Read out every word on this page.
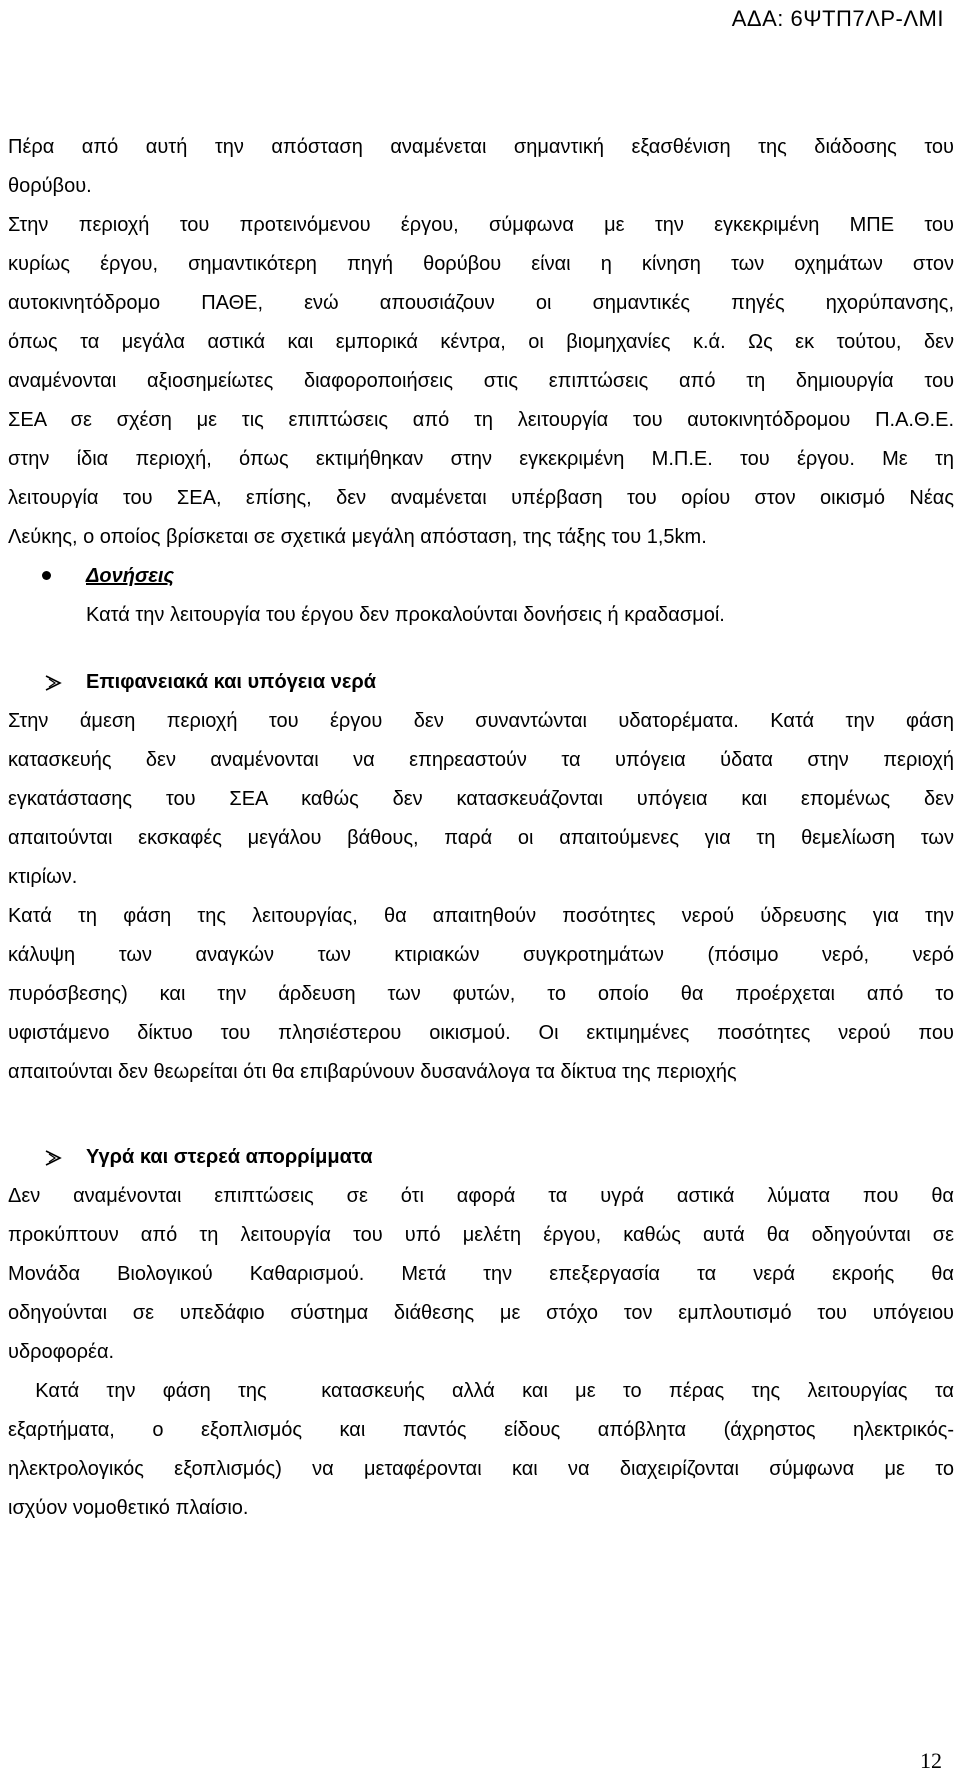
ΑΔΑ: 6ΨΤΠ7ΛΡ-ΛΜΙ
Πέρα από αυτή την απόσταση αναμένεται σημαντική εξασθένιση της διάδοσης του
θορύβου.
Στην περιοχή του προτεινόμενου έργου, σύμφωνα με την εγκεκριμένη ΜΠΕ του
κυρίως έργου, σημαντικότερη πηγή θορύβου είναι η κίνηση των οχημάτων στον
αυτοκινητόδρομο ΠΑΘΕ, ενώ απουσιάζουν οι σημαντικές πηγές ηχορύπανσης,
όπως τα μεγάλα αστικά και εμπορικά κέντρα, οι βιομηχανίες κ.ά. Ως εκ τούτου, δεν
αναμένονται αξιοσημείωτες διαφοροποιήσεις στις επιπτώσεις από τη δημιουργία του
ΣΕΑ σε σχέση με τις επιπτώσεις από τη λειτουργία του αυτοκινητόδρομου Π.Α.Θ.Ε.
στην ίδια περιοχή, όπως εκτιμήθηκαν στην εγκεκριμένη Μ.Π.Ε. του έργου. Με τη
λειτουργία του ΣΕΑ, επίσης, δεν αναμένεται υπέρβαση του ορίου στον οικισμό Νέας
Λεύκης, ο οποίος βρίσκεται σε σχετικά μεγάλη απόσταση, της τάξης του 1,5km.
Δονήσεις
Κατά την λειτουργία του έργου δεν προκαλούνται δονήσεις ή κραδασμοί.
Επιφανειακά και υπόγεια νερά
Στην άμεση περιοχή του έργου δεν συναντώνται υδατορέματα. Κατά την φάση
κατασκευής δεν αναμένονται να επηρεαστούν τα υπόγεια ύδατα στην περιοχή
εγκατάστασης του ΣΕΑ καθώς δεν κατασκευάζονται υπόγεια και επομένως δεν
απαιτούνται εκσκαφές μεγάλου βάθους, παρά οι απαιτούμενες για τη θεμελίωση των
κτιρίων.
Κατά τη φάση της λειτουργίας, θα απαιτηθούν ποσότητες νερού ύδρευσης για την
κάλυψη των αναγκών των κτιριακών συγκροτημάτων (πόσιμο νερό, νερό
πυρόσβεσης) και την άρδευση των φυτών, το οποίο θα προέρχεται από το
υφιστάμενο δίκτυο του πλησιέστερου οικισμού. Οι εκτιμημένες ποσότητες νερού που
απαιτούνται δεν θεωρείται ότι θα επιβαρύνουν δυσανάλογα τα δίκτυα της περιοχής
Υγρά και στερεά απορρίμματα
Δεν αναμένονται επιπτώσεις σε ότι αφορά τα υγρά αστικά λύματα που θα
προκύπτουν από τη λειτουργία του υπό μελέτη έργου, καθώς αυτά θα οδηγούνται σε
Μονάδα Βιολογικού Καθαρισμού. Μετά την επεξεργασία τα νερά εκροής θα
οδηγούνται σε υπεδάφιο σύστημα διάθεσης με στόχο τον εμπλουτισμό του υπόγειου
υδροφορέα.
Κατά την φάση της  κατασκευής αλλά και με το πέρας της λειτουργίας τα
εξαρτήματα, ο εξοπλισμός και παντός είδους απόβλητα (άχρηστος ηλεκτρικός-
ηλεκτρολογικός εξοπλισμός) να μεταφέρονται και να διαχειρίζονται σύμφωνα με το
ισχύον νομοθετικό πλαίσιο.
12
